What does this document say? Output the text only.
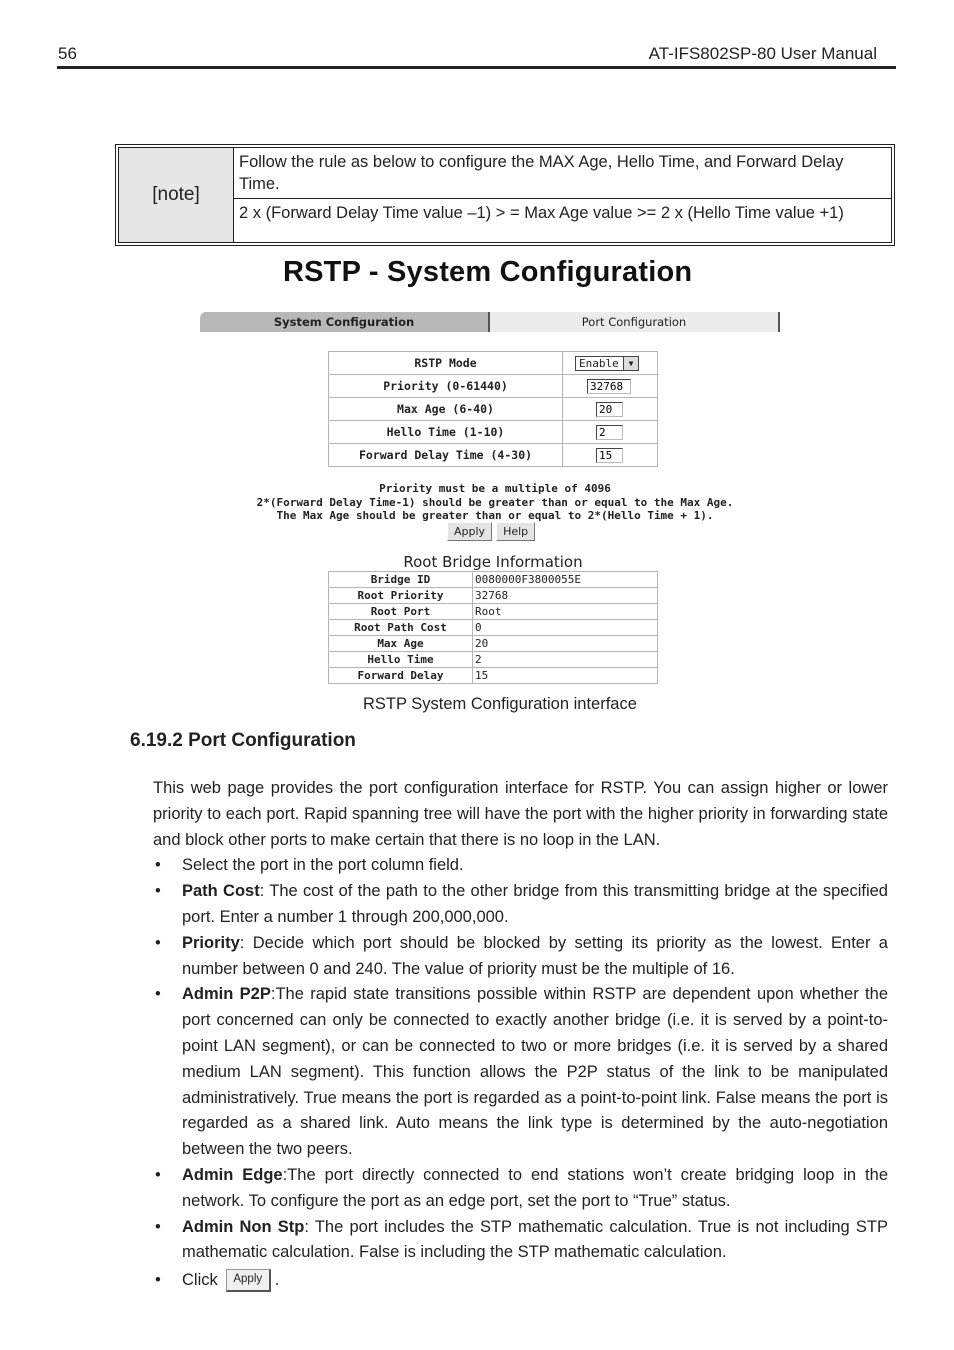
56	AT-IFS802SP-80 User Manual
[note]
Follow the rule as below to configure the MAX Age, Hello Time, and Forward Delay Time.
2 x (Forward Delay Time value –1) > = Max Age value >= 2 x (Hello Time value +1)
RSTP - System Configuration
System Configuration	Port Configuration
RSTP Mode	Enable ▼

Priority (0-61440)	32768
Max Age (6-40)	20
Hello Time (1-10)	2
Forward Delay Time (4-30)	15
Priority must be a multiple of 4096
2*(Forward Delay Time-1) should be greater than or equal to the Max Age.
The Max Age should be greater than or equal to 2*(Hello Time + 1).
Apply	Help
Root Bridge Information
Bridge ID	0080000F3800055E
Root Priority	32768
Root Port	Root
Root Path Cost	0
Max Age	20
Hello Time	2
Forward Delay	15
RSTP System Configuration interface
6.19.2 Port Configuration

This web page provides the port configuration interface for RSTP. You can assign higher or lower priority to each port. Rapid spanning tree will have the port with the higher priority in forwarding state and block other ports to make certain that there is no loop in the LAN.

• Select the port in the port column field.
• Path Cost: The cost of the path to the other bridge from this transmitting bridge at the specified port. Enter a number 1 through 200,000,000.
• Priority: Decide which port should be blocked by setting its priority as the lowest. Enter a number between 0 and 240. The value of priority must be the multiple of 16.
• Admin P2P:The rapid state transitions possible within RSTP are dependent upon whether the port concerned can only be connected to exactly another bridge (i.e. it is served by a point-to-point LAN segment), or can be connected to two or more bridges (i.e. it is served by a shared medium LAN segment). This function allows the P2P status of the link to be manipulated administratively. True means the port is regarded as a point-to-point link. False means the port is regarded as a shared link. Auto means the link type is determined by the auto-negotiation between the two peers.
• Admin Edge:The port directly connected to end stations won’t create bridging loop in the network. To configure the port as an edge port, set the port to “True” status.
• Admin Non Stp: The port includes the STP mathematic calculation. True is not including STP mathematic calculation. False is including the STP mathematic calculation.
• Click Apply .
